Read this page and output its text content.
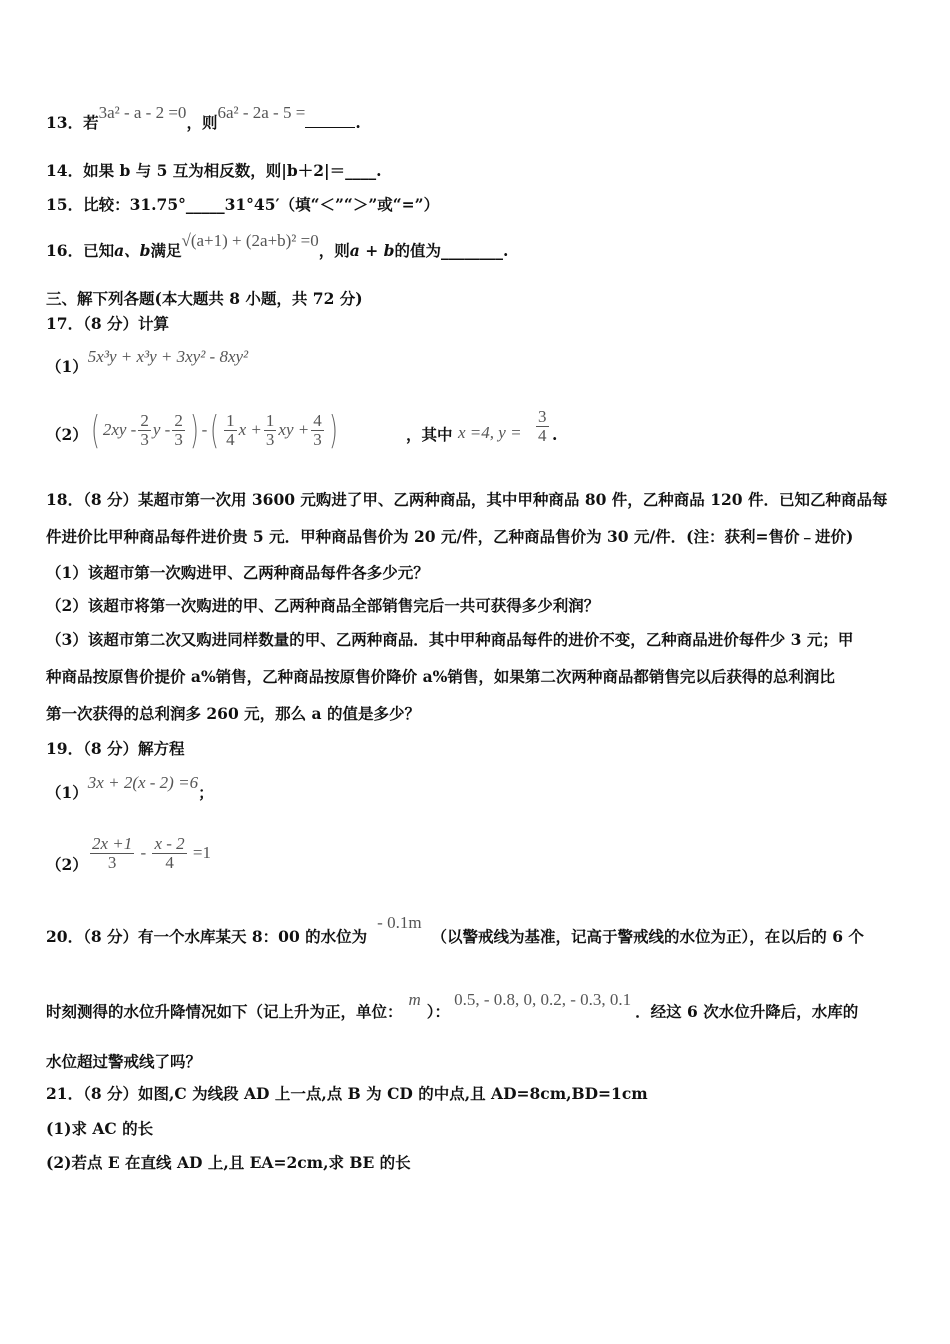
13．若3a² - a - 2 =0，则6a² - 2a - 5 =.
14．如果 b 与 5 互为相反数，则|b＋2|＝____.
15．比较：31.75°_____31°45′（填“＜”“＞”或“=”）
16．已知a、b满足√(a+1) + (2a+b)² =0，则a + b的值为________.
三、解下列各题(本大题共 8 小题，共 72 分)
17．（8 分）计算
（1）5x³y + x³y + 3xy² - 8xy²
（2） ( $2xy - \frac{2}{3}$ y - $\frac{2}{3}$ ) - ( $\frac{1}{4}$ $x + \frac{1}{3}$ xy + $\frac{4}{3}$ )	，其中 x =4, $y = \frac{3}{4}$ .
18．（8 分）某超市第一次用 3600 元购进了甲、乙两种商品，其中甲种商品 80 件，乙种商品 120 件．已知乙种商品每
件进价比甲种商品每件进价贵 5 元．甲种商品售价为 20 元/件，乙种商品售价为 30 元/件．(注：获利=售价﹣进价)
（1）该超市第一次购进甲、乙两种商品每件各多少元？
（2）该超市将第一次购进的甲、乙两种商品全部销售完后一共可获得多少利润？
（3）该超市第二次又购进同样数量的甲、乙两种商品．其中甲种商品每件的进价不变，乙种商品进价每件少 3 元；甲
种商品按原售价提价 a%销售，乙种商品按原售价降价 a%销售，如果第二次两种商品都销售完以后获得的总利润比
第一次获得的总利润多 260 元，那么 a 的值是多少？
19．（8 分）解方程
（1）3x + 2(x - 2) =6；
$(2) \frac{2x +1}{3} - \frac{x - 2}{4}$
=1
20．（8 分）有一个水库某天 8：00 的水位为- 0.1m（以警戒线为基准，记高于警戒线的水位为正），在以后的 6 个
时刻测得的水位升降情况如下（记上升为正，单位：m）：0.5, - 0.8, 0, 0.2, - 0.3, 0.1．经这 6 次水位升降后，水库的
水位超过警戒线了吗？
21．（8 分）如图,C 为线段 AD 上一点,点 B 为 CD 的中点,且 AD=8cm,BD=1cm
(1)求 AC 的长
(2)若点 E 在直线 AD 上,且 EA=2cm,求 BE 的长
